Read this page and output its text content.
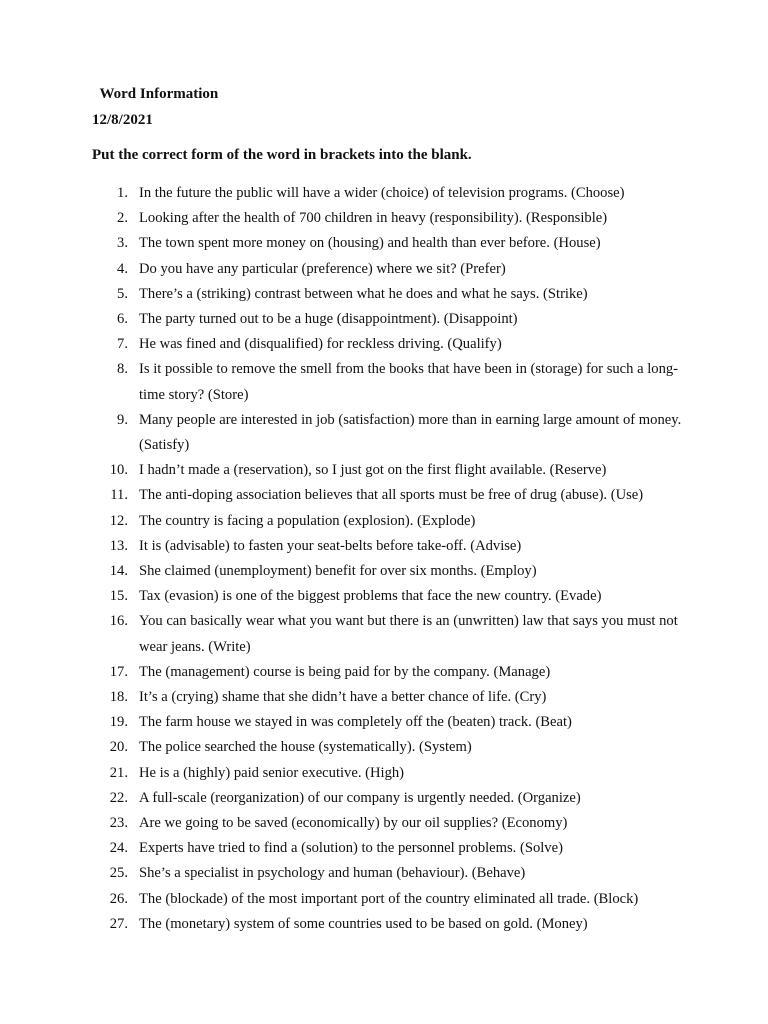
Word Information
12/8/2021
Put the correct form of the word in brackets into the blank.
1. In the future the public will have a wider (choice) of television programs. (Choose)
2. Looking after the health of 700 children in heavy (responsibility). (Responsible)
3. The town spent more money on (housing) and health than ever before. (House)
4. Do you have any particular (preference) where we sit? (Prefer)
5. There’s a (striking) contrast between what he does and what he says. (Strike)
6. The party turned out to be a huge (disappointment). (Disappoint)
7. He was fined and (disqualified) for reckless driving. (Qualify)
8. Is it possible to remove the smell from the books that have been in (storage) for such a long-time story? (Store)
9. Many people are interested in job (satisfaction) more than in earning large amount of money. (Satisfy)
10. I hadn’t made a (reservation), so I just got on the first flight available. (Reserve)
11. The anti-doping association believes that all sports must be free of drug (abuse). (Use)
12. The country is facing a population (explosion). (Explode)
13. It is (advisable) to fasten your seat-belts before take-off. (Advise)
14. She claimed (unemployment) benefit for over six months. (Employ)
15. Tax (evasion) is one of the biggest problems that face the new country. (Evade)
16. You can basically wear what you want but there is an (unwritten) law that says you must not wear jeans. (Write)
17. The (management) course is being paid for by the company. (Manage)
18. It’s a (crying) shame that she didn’t have a better chance of life. (Cry)
19. The farm house we stayed in was completely off the (beaten) track. (Beat)
20. The police searched the house (systematically). (System)
21. He is a (highly) paid senior executive. (High)
22. A full-scale (reorganization) of our company is urgently needed. (Organize)
23. Are we going to be saved (economically) by our oil supplies? (Economy)
24. Experts have tried to find a (solution) to the personnel problems. (Solve)
25. She’s a specialist in psychology and human (behaviour). (Behave)
26. The (blockade) of the most important port of the country eliminated all trade. (Block)
27. The (monetary) system of some countries used to be based on gold. (Money)
